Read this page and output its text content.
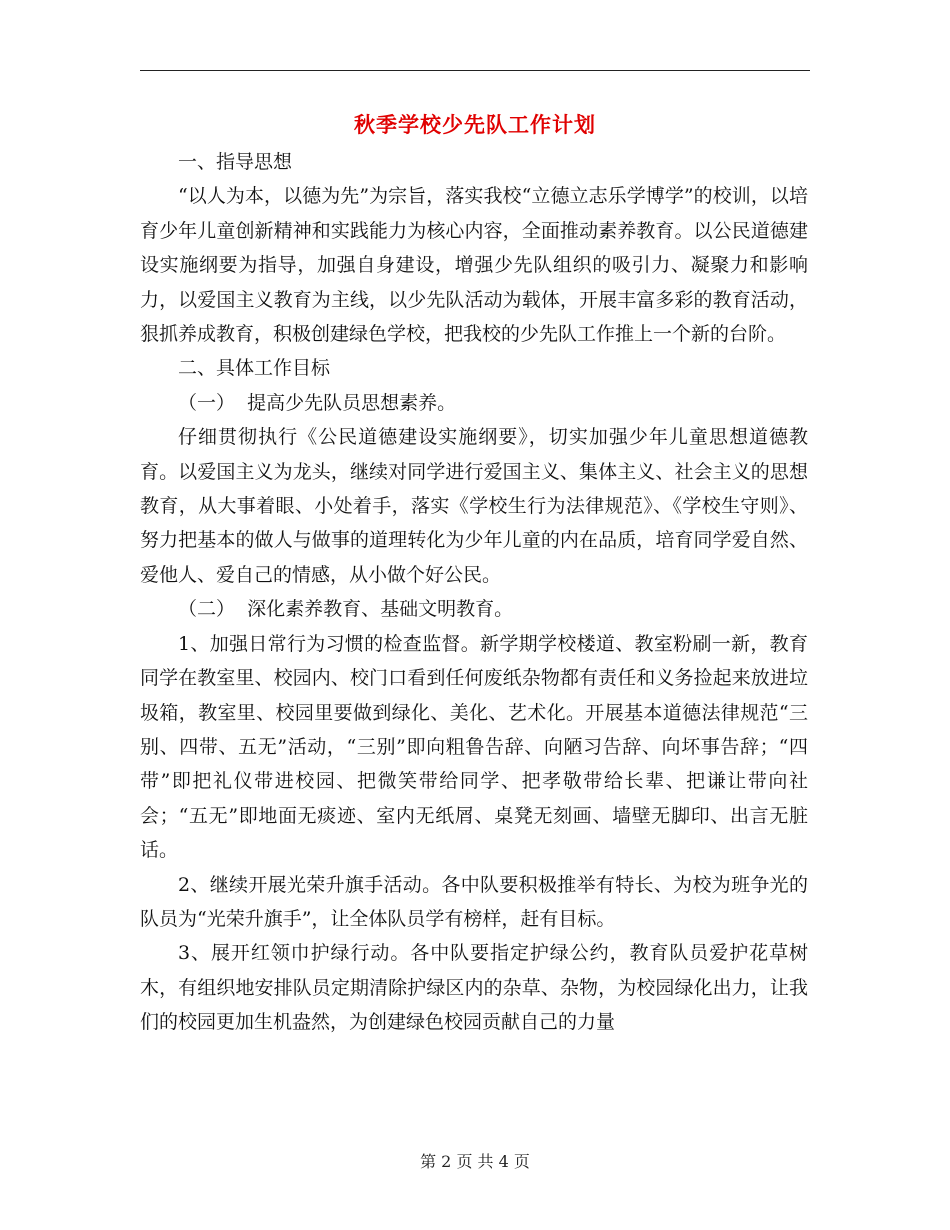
秋季学校少先队工作计划

一、指导思想

“以人为本，以德为先”为宗旨，落实我校“立德立志乐学博学”的校训，以培育少年儿童创新精神和实践能力为核心内容，全面推动素养教育。以公民道德建设实施纲要为指导，加强自身建设，增强少先队组织的吸引力、凝聚力和影响力，以爱国主义教育为主线，以少先队活动为载体，开展丰富多彩的教育活动，狠抓养成教育，积极创建绿色学校，把我校的少先队工作推上一个新的台阶。

二、具体工作目标

（一）  提高少先队员思想素养。

仔细贯彻执行《公民道德建设实施纲要》，切实加强少年儿童思想道德教育。以爱国主义为龙头，继续对同学进行爱国主义、集体主义、社会主义的思想教育，从大事着眼、小处着手，落实《学校生行为法律规范》、《学校生守则》、努力把基本的做人与做事的道理转化为少年儿童的内在品质，培育同学爱自然、爱他人、爱自己的情感，从小做个好公民。

（二）  深化素养教育、基础文明教育。

1、加强日常行为习惯的检查监督。新学期学校楼道、教室粉刷一新，教育同学在教室里、校园内、校门口看到任何废纸杂物都有责任和义务捡起来放进垃圾箱，教室里、校园里要做到绿化、美化、艺术化。开展基本道德法律规范“三别、四带、五无”活动，“三别”即向粗鲁告辞、向陋习告辞、向坏事告辞；“四带”即把礼仪带进校园、把微笑带给同学、把孝敬带给长辈、把谦让带向社会；“五无”即地面无痰迹、室内无纸屑、桌凳无刻画、墙壁无脚印、出言无脏话。

2、继续开展光荣升旗手活动。各中队要积极推举有特长、为校为班争光的队员为“光荣升旗手”，让全体队员学有榜样，赶有目标。

3、展开红领巾护绿行动。各中队要指定护绿公约，教育队员爱护花草树木，有组织地安排队员定期清除护绿区内的杂草、杂物，为校园绿化出力，让我们的校园更加生机盎然，为创建绿色校园贡献自己的力量

第 2 页 共 4 页
